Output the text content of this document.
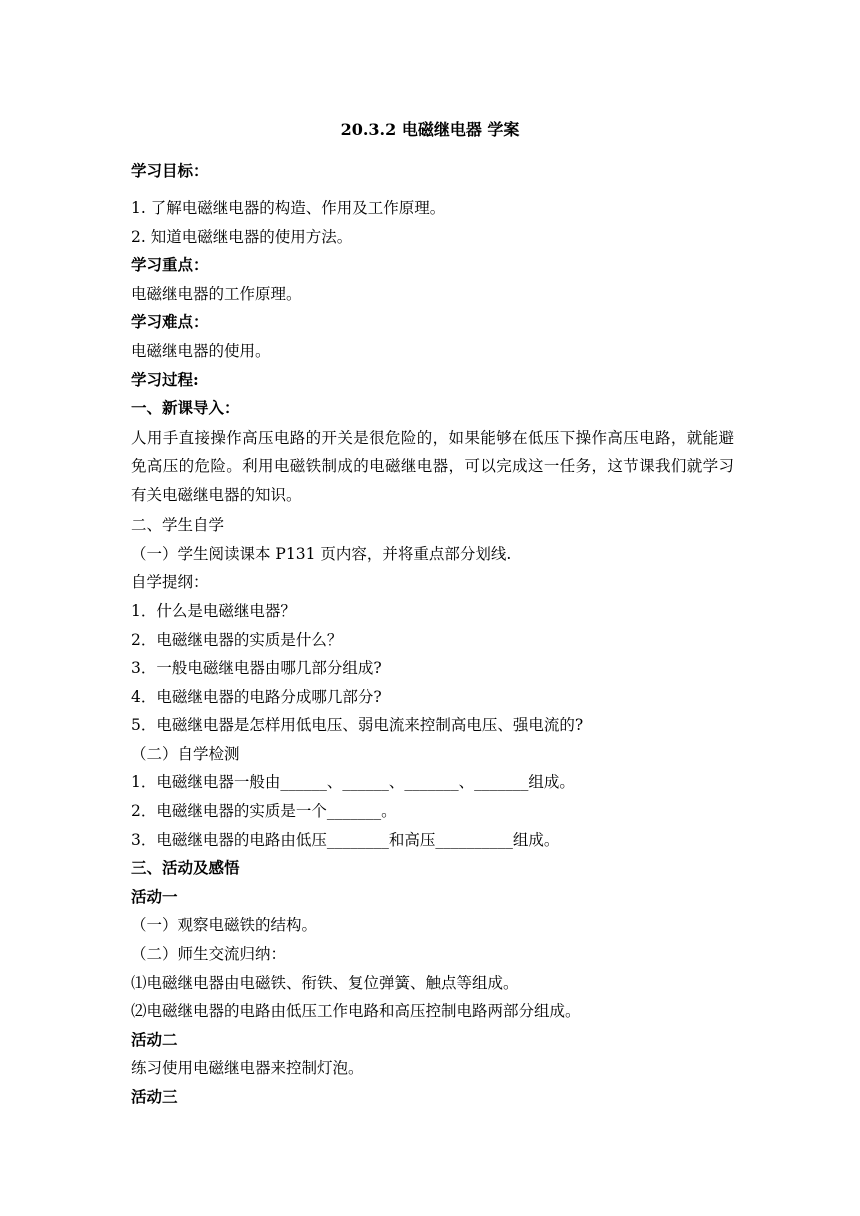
20.3.2 电磁继电器 学案
学习目标：
1. 了解电磁继电器的构造、作用及工作原理。
2. 知道电磁继电器的使用方法。
学习重点：
电磁继电器的工作原理。
学习难点：
电磁继电器的使用。
学习过程:
一、新课导入：
人用手直接操作高压电路的开关是很危险的，如果能够在低压下操作高压电路，就能避免高压的危险。利用电磁铁制成的电磁继电器，可以完成这一任务，这节课我们就学习有关电磁继电器的知识。
二、学生自学
（一）学生阅读课本 P131 页内容，并将重点部分划线.
自学提纲：
1．什么是电磁继电器？
2．电磁继电器的实质是什么？
3．一般电磁继电器由哪几部分组成?
4．电磁继电器的电路分成哪几部分?
5．电磁继电器是怎样用低电压、弱电流来控制高电压、强电流的?
（二）自学检测
1．电磁继电器一般由______、______、_______、_______组成。
2．电磁继电器的实质是一个_______。
3．电磁继电器的电路由低压________和高压__________组成。
三、活动及感悟
活动一
（一）观察电磁铁的结构。
（二）师生交流归纳：
⑴电磁继电器由电磁铁、衔铁、复位弹簧、触点等组成。
⑵电磁继电器的电路由低压工作电路和高压控制电路两部分组成。
活动二
练习使用电磁继电器来控制灯泡。
活动三
